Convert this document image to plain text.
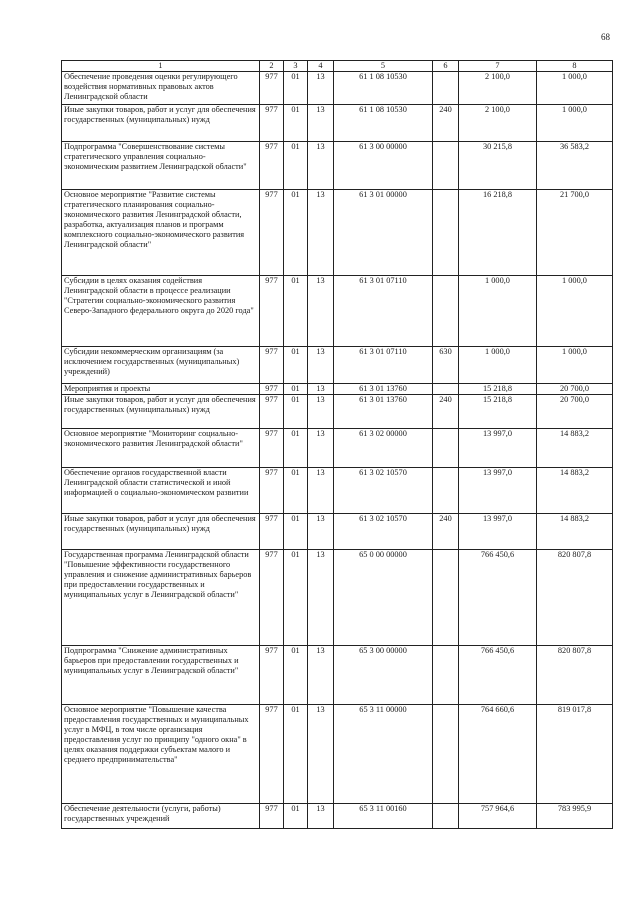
68
1	2	3	4	5	6	7	8
Обеспечение проведения оценки регулирующего воздействия нормативных правовых актов Ленинградской области	977	01	13	61 1 08 10530		2 100,0	1 000,0
Иные закупки товаров, работ и услуг для обеспечения государственных (муниципальных) нужд	977	01	13	61 1 08 10530	240	2 100,0	1 000,0
Подпрограмма "Совершенствование системы стратегического управления социально-экономическим развитием Ленинградской области"	977	01	13	61 3 00 00000		30 215,8	36 583,2
Основное мероприятие "Развитие системы стратегического планирования социально-экономического развития Ленинградской области, разработка, актуализация планов и программ комплексного социально-экономического развития Ленинградской области"	977	01	13	61 3 01 00000		16 218,8	21 700,0
Субсидии в целях оказания содействия Ленинградской области в процессе реализации "Стратегии социально-экономического развития Северо-Западного федерального округа до 2020 года"	977	01	13	61 3 01 07110		1 000,0	1 000,0
Субсидии некоммерческим организациям (за исключением государственных (муниципальных) учреждений)	977	01	13	61 3 01 07110	630	1 000,0	1 000,0
Мероприятия и проекты	977	01	13	61 3 01 13760		15 218,8	20 700,0
Иные закупки товаров, работ и услуг для обеспечения государственных (муниципальных) нужд	977	01	13	61 3 01 13760	240	15 218,8	20 700,0
Основное мероприятие "Мониторинг социально-экономического развития Ленинградской области"	977	01	13	61 3 02 00000		13 997,0	14 883,2
Обеспечение органов государственной власти Ленинградской области статистической и иной информацией о социально-экономическом развитии	977	01	13	61 3 02 10570		13 997,0	14 883,2
Иные закупки товаров, работ и услуг для обеспечения государственных (муниципальных) нужд	977	01	13	61 3 02 10570	240	13 997,0	14 883,2
Государственная программа Ленинградской области "Повышение эффективности государственного управления и снижение административных барьеров при предоставлении государственных и муниципальных услуг в Ленинградской области"	977	01	13	65 0 00 00000		766 450,6	820 807,8
Подпрограмма "Снижение административных барьеров при предоставлении государственных и муниципальных услуг в Ленинградской области"	977	01	13	65 3 00 00000		766 450,6	820 807,8
Основное мероприятие "Повышение качества предоставления государственных и муниципальных услуг в МФЦ, в том числе организация предоставления услуг по принципу "одного окна" в целях оказания поддержки субъектам малого и среднего предпринимательства"	977	01	13	65 3 11 00000		764 660,6	819 017,8
Обеспечение деятельности (услуги, работы) государственных учреждений	977	01	13	65 3 11 00160		757 964,6	783 995,9
